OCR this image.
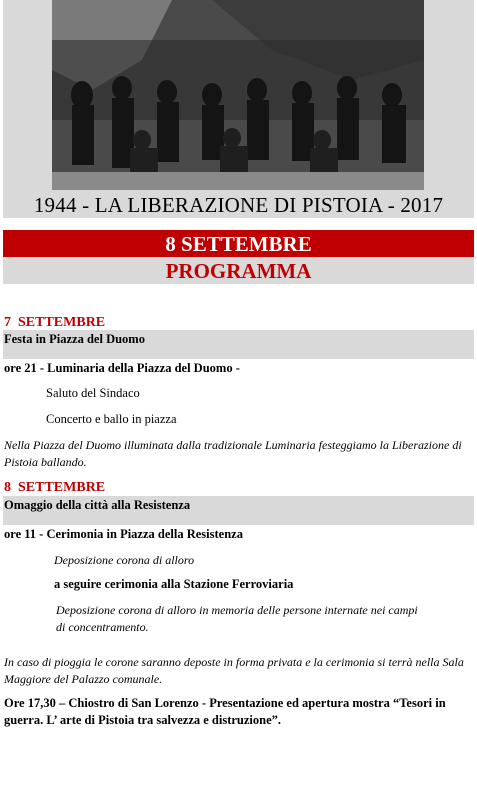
1944 - LA LIBERAZIONE DI PISTOIA - 2017
8 SETTEMBRE
PROGRAMMA
7  SETTEMBRE
Festa in Piazza del Duomo
ore 21 - Luminaria della Piazza del Duomo -
Saluto del Sindaco
Concerto e ballo in piazza
Nella Piazza del Duomo illuminata dalla tradizionale Luminaria festeggiamo la Liberazione di Pistoia ballando.
8  SETTEMBRE
Omaggio della città alla Resistenza
ore 11 - Cerimonia in Piazza della Resistenza
Deposizione corona di alloro
a seguire cerimonia alla Stazione Ferroviaria
Deposizione corona di alloro in memoria delle persone internate nei campi di concentramento.
In caso di pioggia le corone saranno deposte in forma privata e la cerimonia si terrà nella Sala Maggiore del Palazzo comunale.
Ore 17,30 – Chiostro di San Lorenzo - Presentazione ed apertura mostra “Tesori in guerra. L’ arte di Pistoia tra salvezza e distruzione”.
